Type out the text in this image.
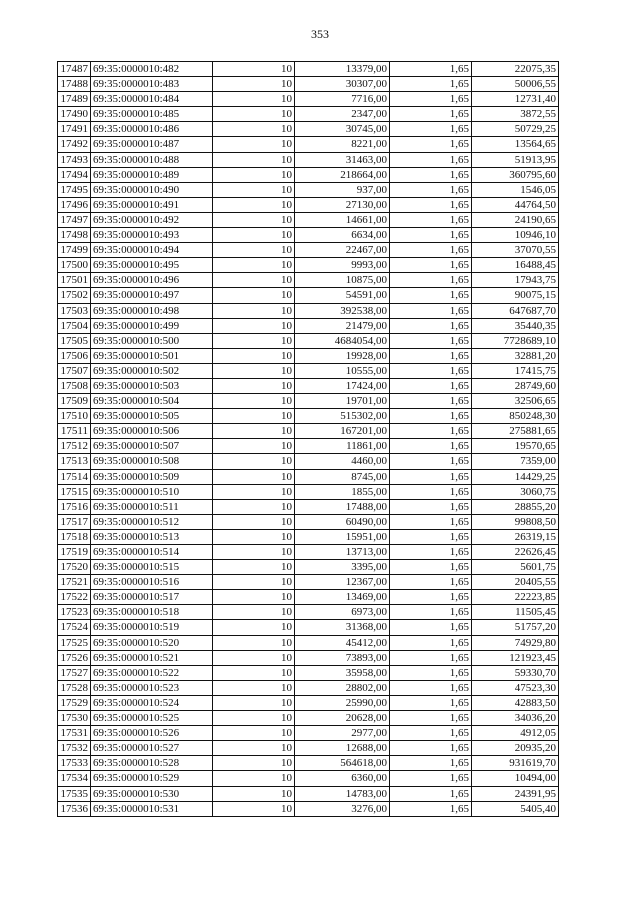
353
17487	69:35:0000010:482	10	13379,00	1,65	22075,35
17488	69:35:0000010:483	10	30307,00	1,65	50006,55
17489	69:35:0000010:484	10	7716,00	1,65	12731,40
17490	69:35:0000010:485	10	2347,00	1,65	3872,55
17491	69:35:0000010:486	10	30745,00	1,65	50729,25
17492	69:35:0000010:487	10	8221,00	1,65	13564,65
17493	69:35:0000010:488	10	31463,00	1,65	51913,95
17494	69:35:0000010:489	10	218664,00	1,65	360795,60
17495	69:35:0000010:490	10	937,00	1,65	1546,05
17496	69:35:0000010:491	10	27130,00	1,65	44764,50
17497	69:35:0000010:492	10	14661,00	1,65	24190,65
17498	69:35:0000010:493	10	6634,00	1,65	10946,10
17499	69:35:0000010:494	10	22467,00	1,65	37070,55
17500	69:35:0000010:495	10	9993,00	1,65	16488,45
17501	69:35:0000010:496	10	10875,00	1,65	17943,75
17502	69:35:0000010:497	10	54591,00	1,65	90075,15
17503	69:35:0000010:498	10	392538,00	1,65	647687,70
17504	69:35:0000010:499	10	21479,00	1,65	35440,35
17505	69:35:0000010:500	10	4684054,00	1,65	7728689,10
17506	69:35:0000010:501	10	19928,00	1,65	32881,20
17507	69:35:0000010:502	10	10555,00	1,65	17415,75
17508	69:35:0000010:503	10	17424,00	1,65	28749,60
17509	69:35:0000010:504	10	19701,00	1,65	32506,65
17510	69:35:0000010:505	10	515302,00	1,65	850248,30
17511	69:35:0000010:506	10	167201,00	1,65	275881,65
17512	69:35:0000010:507	10	11861,00	1,65	19570,65
17513	69:35:0000010:508	10	4460,00	1,65	7359,00
17514	69:35:0000010:509	10	8745,00	1,65	14429,25
17515	69:35:0000010:510	10	1855,00	1,65	3060,75
17516	69:35:0000010:511	10	17488,00	1,65	28855,20
17517	69:35:0000010:512	10	60490,00	1,65	99808,50
17518	69:35:0000010:513	10	15951,00	1,65	26319,15
17519	69:35:0000010:514	10	13713,00	1,65	22626,45
17520	69:35:0000010:515	10	3395,00	1,65	5601,75
17521	69:35:0000010:516	10	12367,00	1,65	20405,55
17522	69:35:0000010:517	10	13469,00	1,65	22223,85
17523	69:35:0000010:518	10	6973,00	1,65	11505,45
17524	69:35:0000010:519	10	31368,00	1,65	51757,20
17525	69:35:0000010:520	10	45412,00	1,65	74929,80
17526	69:35:0000010:521	10	73893,00	1,65	121923,45
17527	69:35:0000010:522	10	35958,00	1,65	59330,70
17528	69:35:0000010:523	10	28802,00	1,65	47523,30
17529	69:35:0000010:524	10	25990,00	1,65	42883,50
17530	69:35:0000010:525	10	20628,00	1,65	34036,20
17531	69:35:0000010:526	10	2977,00	1,65	4912,05
17532	69:35:0000010:527	10	12688,00	1,65	20935,20
17533	69:35:0000010:528	10	564618,00	1,65	931619,70
17534	69:35:0000010:529	10	6360,00	1,65	10494,00
17535	69:35:0000010:530	10	14783,00	1,65	24391,95
17536	69:35:0000010:531	10	3276,00	1,65	5405,40
